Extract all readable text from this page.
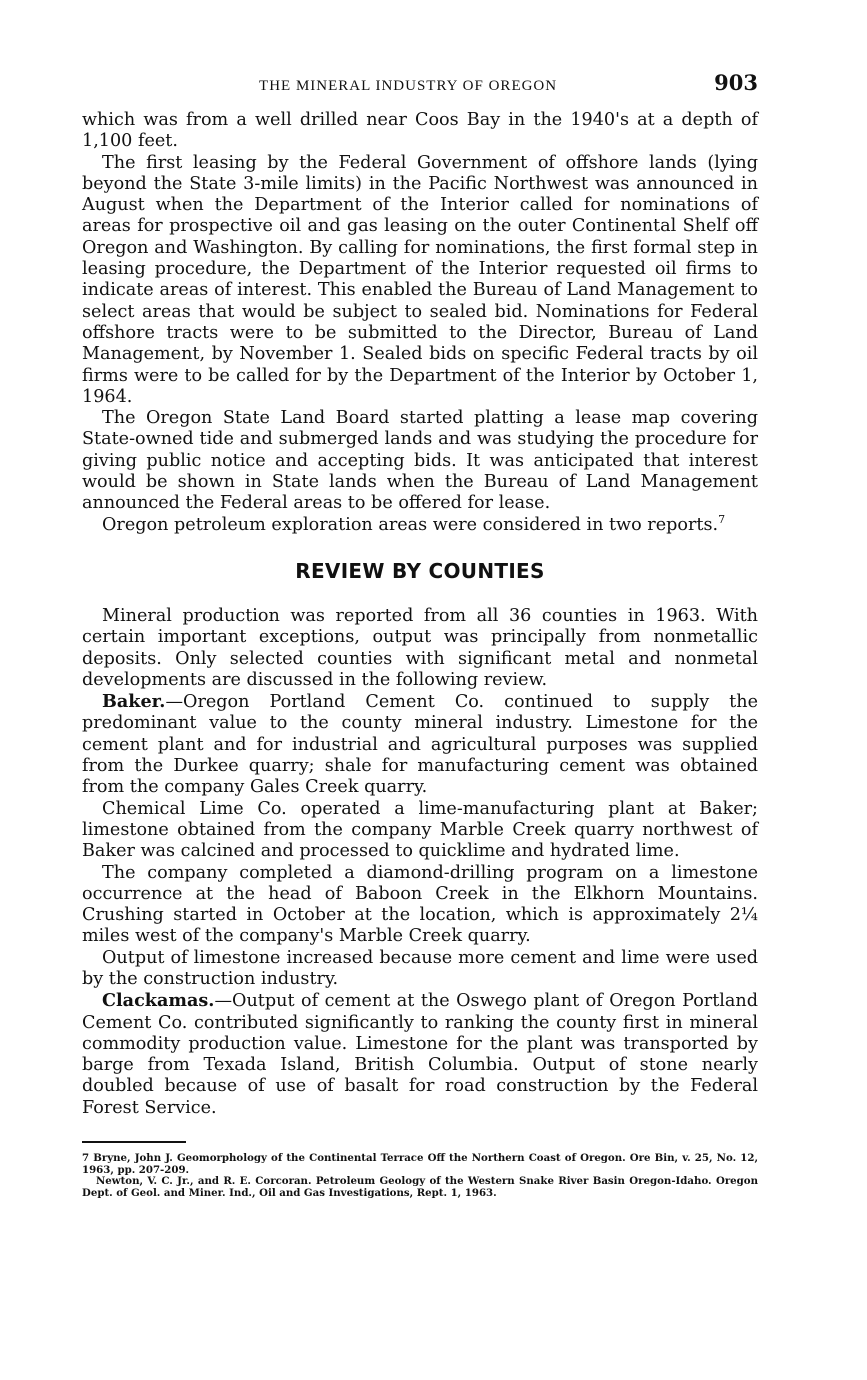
THE MINERAL INDUSTRY OF OREGON	903

which was from a well drilled near Coos Bay in the 1940's at a depth of 1,100 feet.

The first leasing by the Federal Government of offshore lands (lying beyond the State 3-mile limits) in the Pacific Northwest was announced in August when the Department of the Interior called for nominations of areas for prospective oil and gas leasing on the outer Continental Shelf off Oregon and Washington. By calling for nominations, the first formal step in leasing procedure, the Department of the Interior requested oil firms to indicate areas of interest. This enabled the Bureau of Land Management to select areas that would be subject to sealed bid. Nominations for Federal offshore tracts were to be submitted to the Director, Bureau of Land Management, by November 1. Sealed bids on specific Federal tracts by oil firms were to be called for by the Department of the Interior by October 1, 1964.

The Oregon State Land Board started platting a lease map covering State-owned tide and submerged lands and was studying the procedure for giving public notice and accepting bids. It was anticipated that interest would be shown in State lands when the Bureau of Land Management announced the Federal areas to be offered for lease.

Oregon petroleum exploration areas were considered in two reports.$^7$

REVIEW BY COUNTIES

Mineral production was reported from all 36 counties in 1963. With certain important exceptions, output was principally from nonmetallic deposits. Only selected counties with significant metal and nonmetal developments are discussed in the following review.

Baker.—Oregon Portland Cement Co. continued to supply the predominant value to the county mineral industry. Limestone for the cement plant and for industrial and agricultural purposes was supplied from the Durkee quarry; shale for manufacturing cement was obtained from the company Gales Creek quarry.

Chemical Lime Co. operated a lime-manufacturing plant at Baker; limestone obtained from the company Marble Creek quarry northwest of Baker was calcined and processed to quicklime and hydrated lime.

The company completed a diamond-drilling program on a limestone occurrence at the head of Baboon Creek in the Elkhorn Mountains. Crushing started in October at the location, which is approximately 2¼ miles west of the company's Marble Creek quarry.

Output of limestone increased because more cement and lime were used by the construction industry.

Clackamas.—Output of cement at the Oswego plant of Oregon Portland Cement Co. contributed significantly to ranking the county first in mineral commodity production value. Limestone for the plant was transported by barge from Texada Island, British Columbia. Output of stone nearly doubled because of use of basalt for road construction by the Federal Forest Service.

7 Bryne, John J. Geomorphology of the Continental Terrace Off the Northern Coast of Oregon. Ore Bin, v. 25, No. 12, 1963, pp. 207-209.

Newton, V. C. Jr., and R. E. Corcoran. Petroleum Geology of the Western Snake River Basin Oregon-Idaho. Oregon Dept. of Geol. and Miner. Ind., Oil and Gas Investigations, Rept. 1, 1963.
